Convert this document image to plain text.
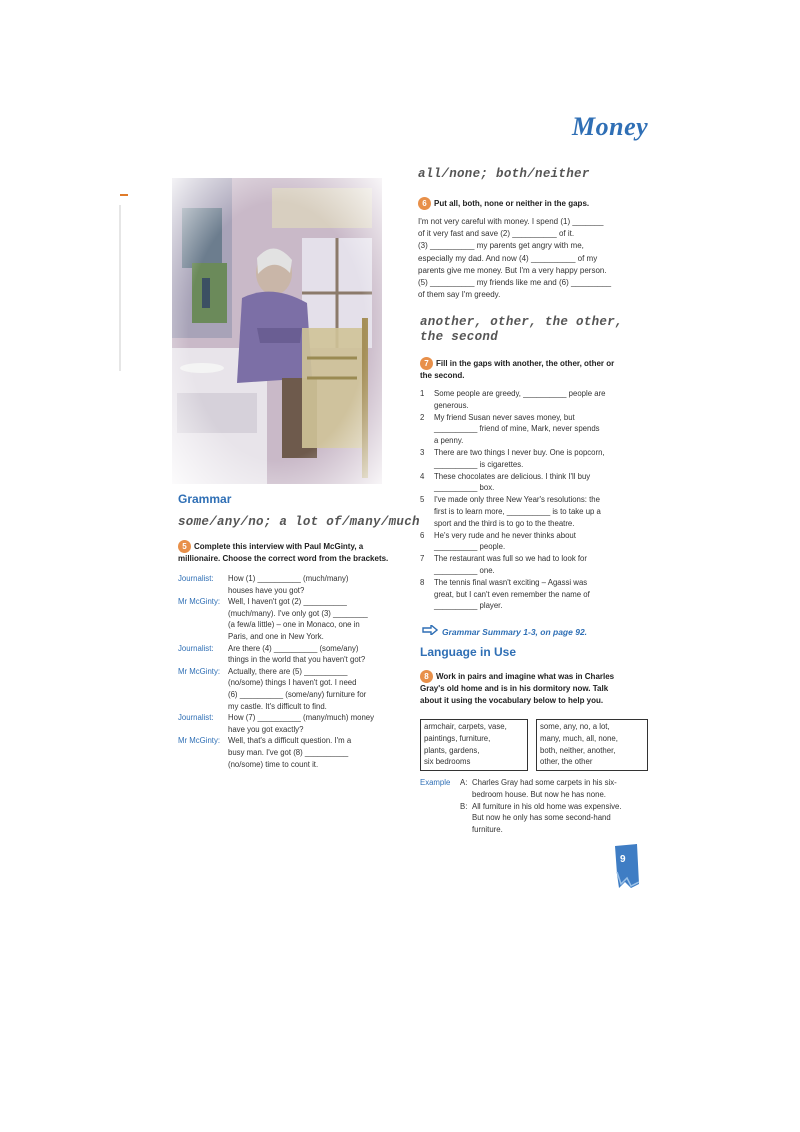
Money
Grammar
some/any/no; a lot of/many/much
5 Complete this interview with Paul McGinty, a millionaire. Choose the correct word from the brackets.
Journalist:	How (1) __________ (much/many)
houses have you got?
Mr McGinty:	Well, I haven't got (2) __________
(much/many). I've only got (3) ________
(a few/a little) – one in Monaco, one in
Paris, and one in New York.
Journalist:	Are there (4) __________ (some/any)
things in the world that you haven't got?
Mr McGinty:	Actually, there are (5) __________
(no/some) things I haven't got. I need
(6) __________ (some/any) furniture for
my castle. It's difficult to find.
Journalist:	How (7) __________ (many/much) money
have you got exactly?
Mr McGinty:	Well, that's a difficult question. I'm a
busy man. I've got (8) __________
(no/some) time to count it.
all/none; both/neither
6 Put all, both, none or neither in the gaps.
I'm not very careful with money. I spend (1) _______
of it very fast and save (2) __________ of it.
(3) __________ my parents get angry with me,
especially my dad. And now (4) __________ of my
parents give me money. But I'm a very happy person.
(5) __________ my friends like me and (6) _________
of them say I'm greedy.
another, other, the other,
the second
7 Fill in the gaps with another, the other, other or
the second.
1	Some people are greedy, __________ people are
generous.
2	My friend Susan never saves money, but
__________ friend of mine, Mark, never spends
a penny.
3	There are two things I never buy. One is popcorn,
__________ is cigarettes.
4	These chocolates are delicious. I think I'll buy
__________ box.
5	I've made only three New Year's resolutions: the
first is to learn more, __________ is to take up a
sport and the third is to go to the theatre.
6	He's very rude and he never thinks about
__________ people.
7	The restaurant was full so we had to look for
__________ one.
8	The tennis final wasn't exciting – Agassi was
great, but I can't even remember the name of
__________ player.
Grammar Summary 1-3, on page 92.
Language in Use
8 Work in pairs and imagine what was in Charles
Gray's old home and is in his dormitory now. Talk
about it using the vocabulary below to help you.
armchair, carpets, vase,
paintings, furniture,
plants, gardens,
six bedrooms
some, any, no, a lot,
many, much, all, none,
both, neither, another,
other, the other
Example	A: Charles Gray had some carpets in his six-
bedroom house. But now he has none.
B: All furniture in his old home was expensive.
But now he only has some second-hand
furniture.
9
